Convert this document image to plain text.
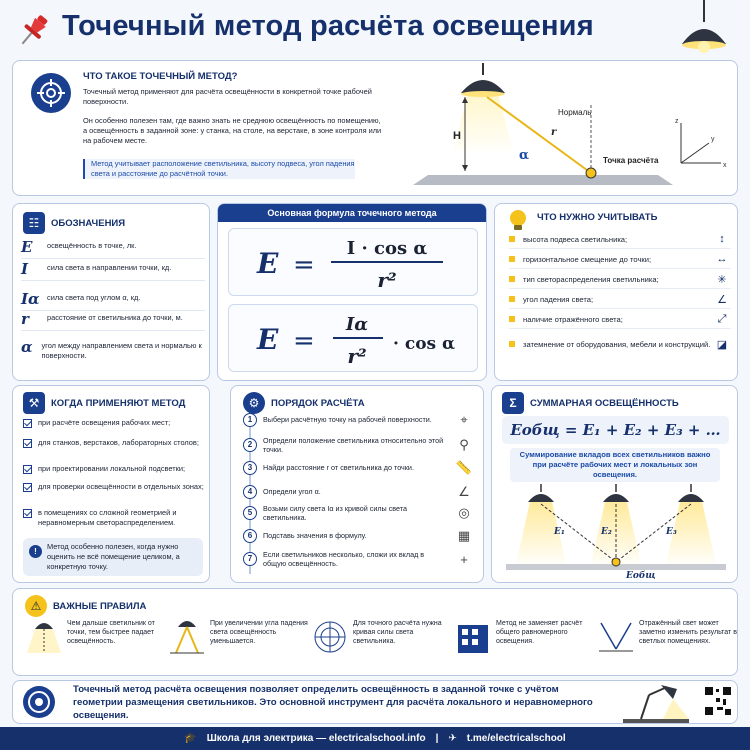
Точечный метод расчёта освещения
ЧТО ТАКОЕ ТОЧЕЧНЫЙ МЕТОД?
Точечный метод применяют для расчёта освещённости в конкретной точке рабочей поверхности.
Он особенно полезен там, где важно знать не среднюю освещённость по помещению, а освещённость в заданной зоне: у станка, на столе, на верстаке, в зоне контроля или на рабочем месте.
Метод учитывает расположение светильника, высоту подвеса, угол падения света и расстояние до расчётной точки.
H
α
r
Нормаль
Точка расчёта
z
y
x
☷	ОБОЗНАЧЕНИЯ
E	освещённость в точке, лк.
I	сила света в направлении точки, кд.
Iα	сила света под углом α, кд.
r	расстояние от светильника до точки, м.
α	угол между направлением света и нормалью к поверхности.
Основная формула точечного метода
E =
I · cos α
r²
E =
Iα
r² · cos α
ЧТО НУЖНО УЧИТЫВАТЬ
высота подвеса светильника;	↕
горизонтальное смещение до точки;	↔
тип светораспределения светильника;	✳
угол падения света;	∠
наличие отражённого света;	⤢
затемнение от оборудования, мебели и конструкций. ◪
⚒	КОГДА ПРИМЕНЯЮТ МЕТОД
при расчёте освещения рабочих мест;
для станков, верстаков, лабораторных столов;
при проектировании локальной подсветки;
для проверки освещённости в отдельных зонах;
в помещениях со сложной геометрией и неравномерным светораспределением.
!
Метод особенно полезен, когда нужно оценить не всё помещение целиком, а конкретную точку.
⚙	ПОРЯДОК РАСЧЁТА
1	Выбери расчётную точку на рабочей поверхности.	⌖
2	Определи положение светильника относительно этой точки.	⚲
3	Найди расстояние r от светильника до точки.	📏
4	Определи угол α.	∠
5	Возьми силу света Iα из кривой силы света светильника.	◎
6	Подставь значения в формулу.	▦
7	Если светильников несколько, сложи их вклад в общую освещённость.	+
Σ	СУММАРНАЯ ОСВЕЩЁННОСТЬ
Eобщ = E₁ + E₂ + E₃ + …
Суммирование вкладов всех светильников важно при расчёте рабочих мест и локальных зон освещения.
E₁	E₂	E₃
Eобщ
⚠	ВАЖНЫЕ ПРАВИЛА
Чем дальше светильник от точки, тем быстрее падает освещённость.
При увеличении угла падения света освещённость уменьшается.
Для точного расчёта нужна кривая силы света светильника.
Метод не заменяет расчёт общего равномерного освещения.
Отражённый свет может заметно изменить результат в светлых помещениях.
Точечный метод расчёта освещения позволяет определить освещённость в заданной точке с учётом геометрии размещения светильников. Это основной инструмент для расчёта локального и неравномерного освещения.
🎓 Школа для электрика — electricalschool.info | ✈ t.me/electricalschool
